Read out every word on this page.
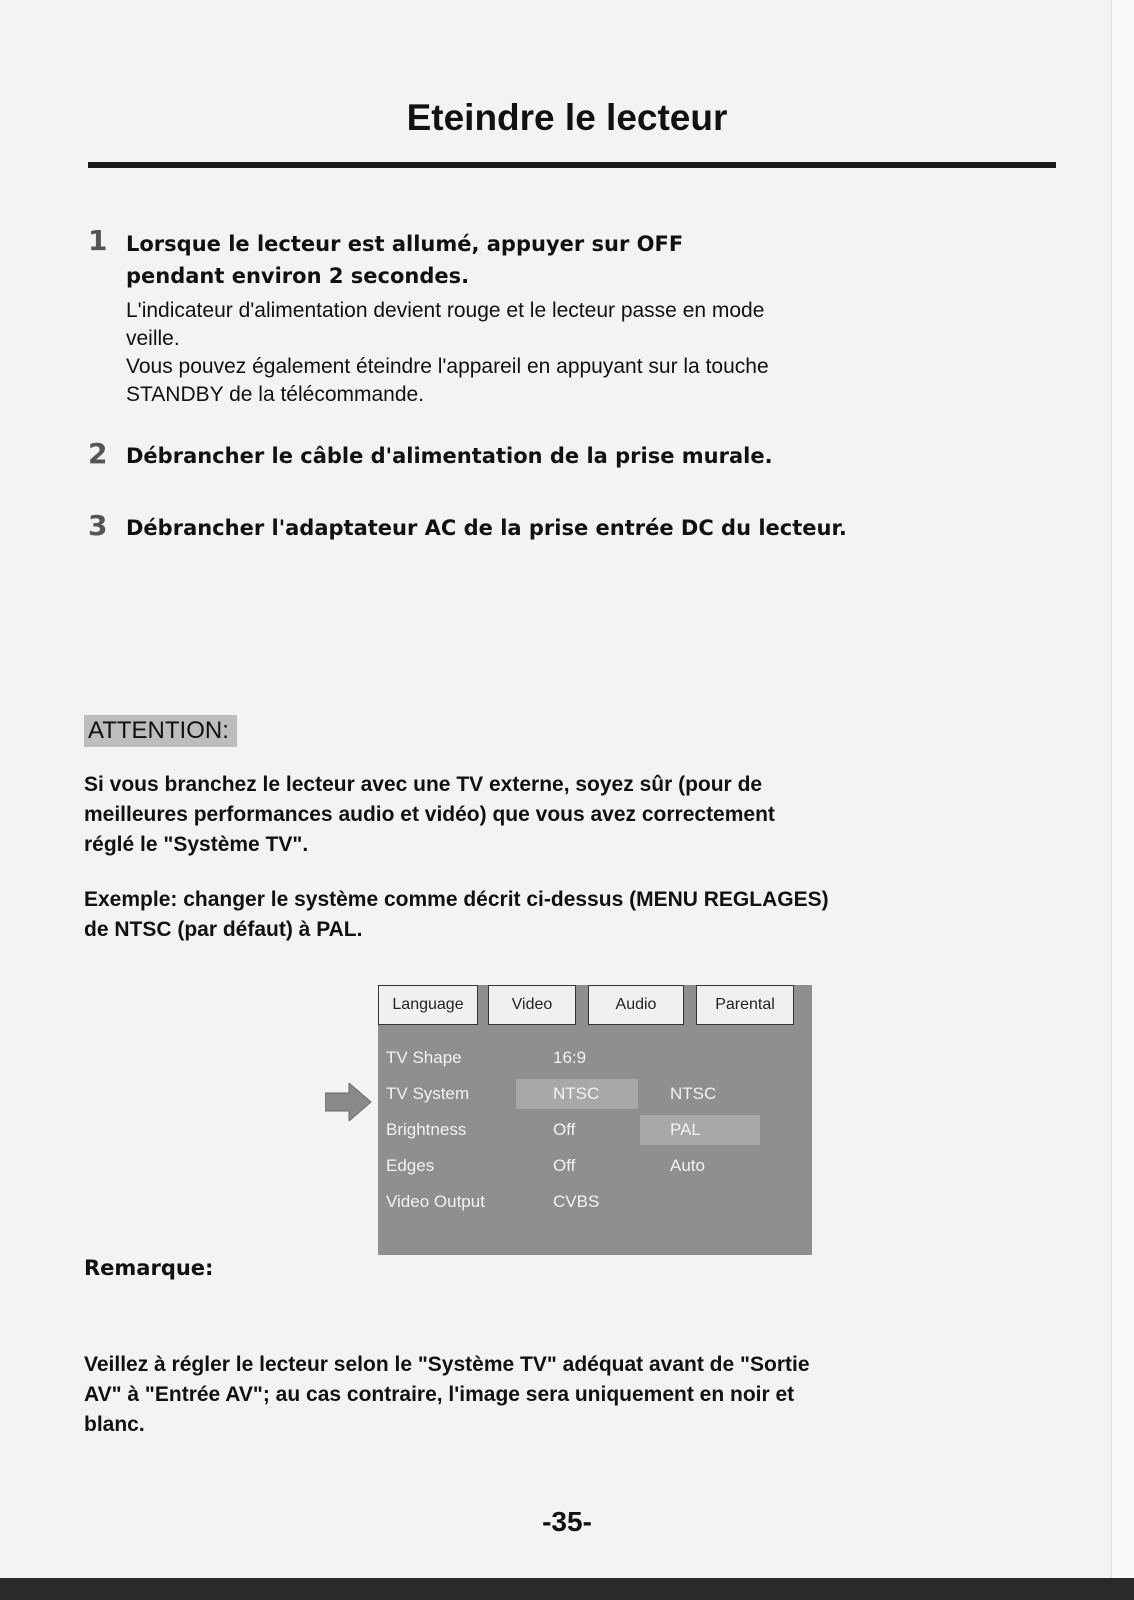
Eteindre le lecteur
1 Lorsque le lecteur est allumé, appuyer sur OFF
pendant environ 2 secondes.
L'indicateur d'alimentation devient rouge et le lecteur passe en mode
veille.
Vous pouvez également éteindre l'appareil en appuyant sur la touche
STANDBY de la télécommande.
2 Débrancher le câble d'alimentation de la prise murale.
3 Débrancher l'adaptateur AC de la prise entrée DC du lecteur.
ATTENTION:
Si vous branchez le lecteur avec une TV externe, soyez sûr (pour de
meilleures performances audio et vidéo) que vous avez correctement
réglé le "Système TV".
Exemple: changer le système comme décrit ci-dessus (MENU REGLAGES)
de NTSC (par défaut) à PAL.
Language	Video	Audio	Parental
TV Shape	16:9
TV System	NTSC	NTSC
Brightness	Off	PAL
Edges	Off	Auto
Video Output	CVBS
Remarque:
Veillez à régler le lecteur selon le "Système TV" adéquat avant de "Sortie
AV" à "Entrée AV"; au cas contraire, l'image sera uniquement en noir et
blanc.
-35-
